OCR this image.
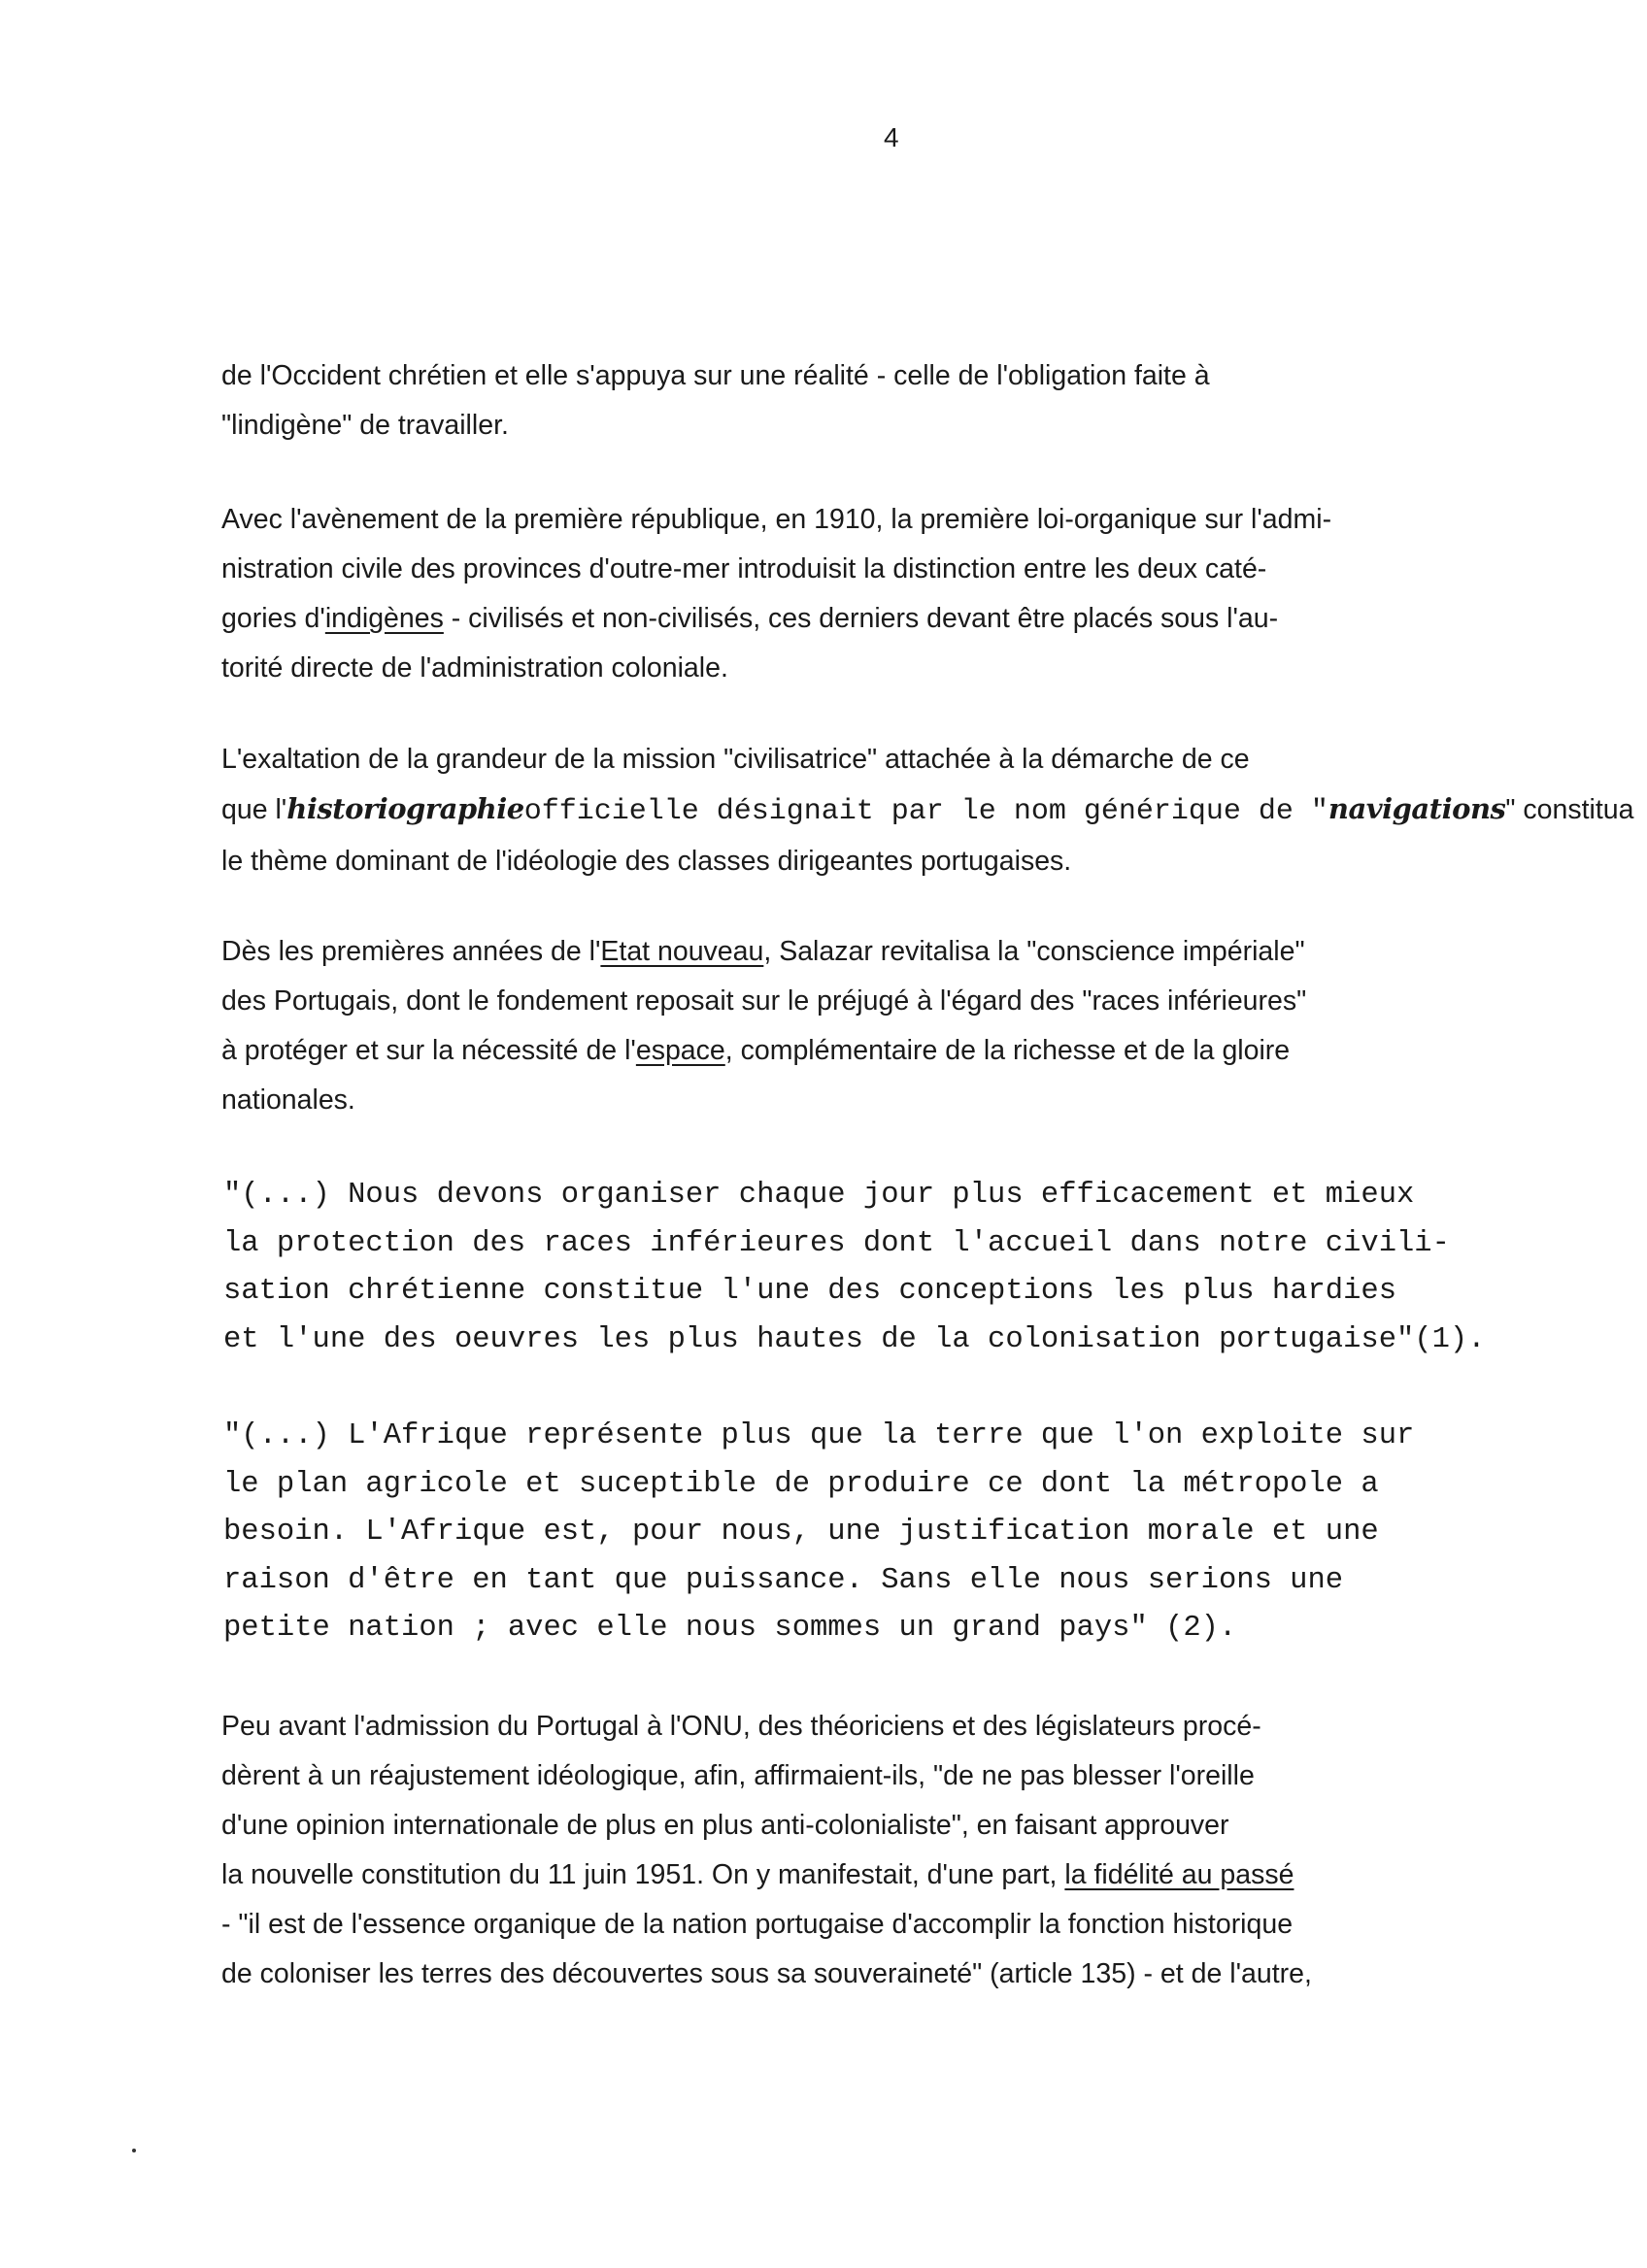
4

de l'Occident chrétien et elle s'appuya sur une réalité - celle de l'obligation faite à
"lindigène" de travailler.

Avec l'avènement de la première république, en 1910, la première loi-organique sur l'admi-
nistration civile des provinces d'outre-mer introduisit la distinction entre les deux caté-
gories d'indigènes - civilisés et non-civilisés, ces derniers devant être placés sous l'au-
torité directe de l'administration coloniale.

L'exaltation de la grandeur de la mission "civilisatrice" attachée à la démarche de ce
que l'historiographieofficielle désignait par le nom générique de "navigations" constitua
le thème dominant de l'idéologie des classes dirigeantes portugaises.

Dès les premières années de l'Etat nouveau, Salazar revitalisa la "conscience impériale"
des Portugais, dont le fondement reposait sur le préjugé à l'égard des "races inférieures"
à protéger et sur la nécessité de l'espace, complémentaire de la richesse et de la gloire
nationales.

"(...) Nous devons organiser chaque jour plus efficacement et mieux
la protection des races inférieures dont l'accueil dans notre civili-
sation chrétienne constitue l'une des conceptions les plus hardies
et l'une des oeuvres les plus hautes de la colonisation portugaise"(1).

"(...) L'Afrique représente plus que la terre que l'on exploite sur
le plan agricole et suceptible de produire ce dont la métropole a
besoin. L'Afrique est, pour nous, une justification morale et une
raison d'être en tant que puissance. Sans elle nous serions une
petite nation ; avec elle nous sommes un grand pays" (2).

Peu avant l'admission du Portugal à l'ONU, des théoriciens et des législateurs procé-
dèrent à un réajustement idéologique, afin, affirmaient-ils, "de ne pas blesser l'oreille
d'une opinion internationale de plus en plus anti-colonialiste", en faisant approuver
la nouvelle constitution du 11 juin 1951. On y manifestait, d'une part, la fidélité au passé
- "il est de l'essence organique de la nation portugaise d'accomplir la fonction historique
de coloniser les terres des découvertes sous sa souveraineté" (article 135) - et de l'autre,
